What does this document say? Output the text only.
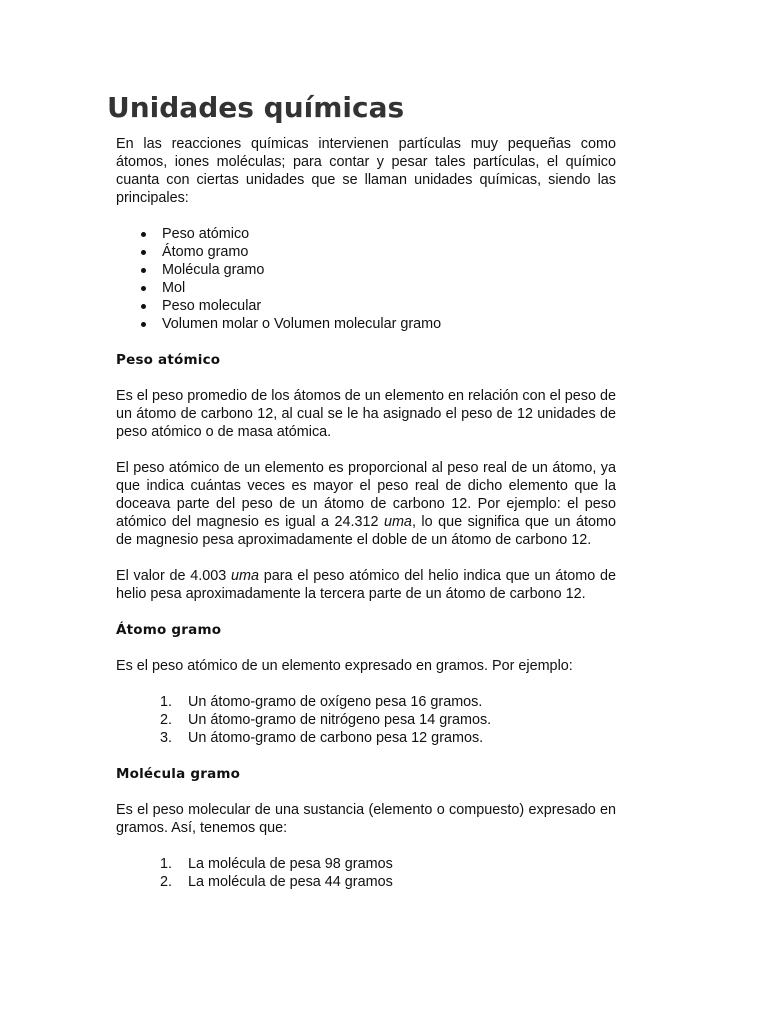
Unidades químicas

En las reacciones químicas intervienen partículas muy pequeñas como átomos, iones moléculas; para contar y pesar tales partículas, el químico cuanta con ciertas unidades que se llaman unidades químicas, siendo las principales:

Peso atómico
Átomo gramo
Molécula gramo
Mol
Peso molecular
Volumen molar o Volumen molecular gramo
Peso atómico

Es el peso promedio de los átomos de un elemento en relación con el peso de un átomo de carbono 12, al cual se le ha asignado el peso de 12 unidades de peso atómico o de masa atómica.

El peso atómico de un elemento es proporcional al peso real de un átomo, ya que indica cuántas veces es mayor el peso real de dicho elemento que la doceava parte del peso de un átomo de carbono 12. Por ejemplo: el peso atómico del magnesio es igual a 24.312 uma, lo que significa que un átomo de magnesio pesa aproximadamente el doble de un átomo de carbono 12.

El valor de 4.003 uma para el peso atómico del helio indica que un átomo de helio pesa aproximadamente la tercera parte de un átomo de carbono 12.

Átomo gramo

Es el peso atómico de un elemento expresado en gramos. Por ejemplo:

1. Un átomo-gramo de oxígeno pesa 16 gramos.
2. Un átomo-gramo de nitrógeno pesa 14 gramos.
3. Un átomo-gramo de carbono pesa 12 gramos.
Molécula gramo

Es el peso molecular de una sustancia (elemento o compuesto) expresado en gramos. Así, tenemos que:

1. La molécula de pesa 98 gramos
2. La molécula de pesa 44 gramos
